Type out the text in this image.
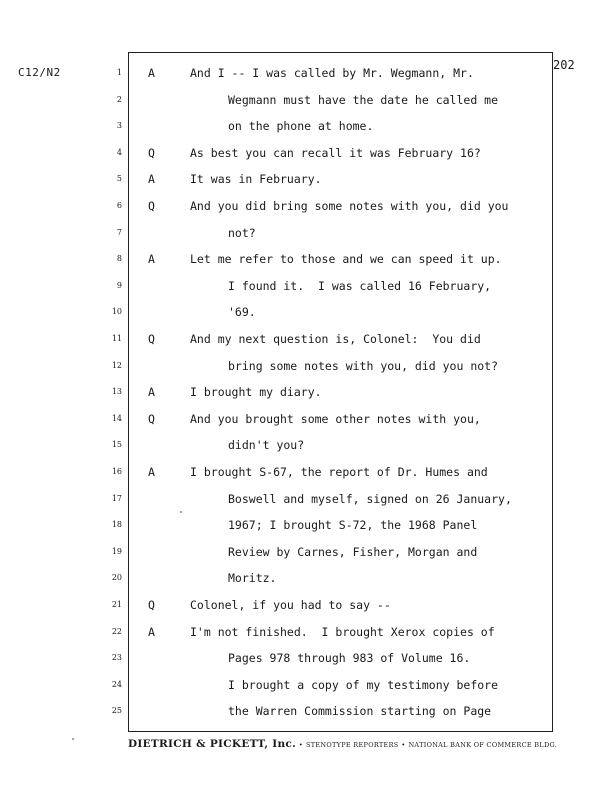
C12/N2
202
1 A	And I -- I was called by Mr. Wegmann, Mr.
2	Wegmann must have the date he called me
3	on the phone at home.
4 Q	As best you can recall it was February 16?
5 A	It was in February.
6 Q	And you did bring some notes with you, did you
7	not?
8 A	Let me refer to those and we can speed it up.
9	I found it.  I was called 16 February,
10	'69.
11 Q	And my next question is, Colonel:  You did
12	bring some notes with you, did you not?
13 A	I brought my diary.
14 Q	And you brought some other notes with you,
15	didn't you?
16 A	I brought S-67, the report of Dr. Humes and
17	Boswell and myself, signed on 26 January,
18	1967; I brought S-72, the 1968 Panel
19	Review by Carnes, Fisher, Morgan and
20	Moritz.
21 Q	Colonel, if you had to say --
22 A	I'm not finished.  I brought Xerox copies of
23	Pages 978 through 983 of Volume 16.
24	I brought a copy of my testimony before
25	the Warren Commission starting on Page
DIETRICH & PICKETT, Inc. • STENOTYPE REPORTERS • NATIONAL BANK OF COMMERCE BLDG.
